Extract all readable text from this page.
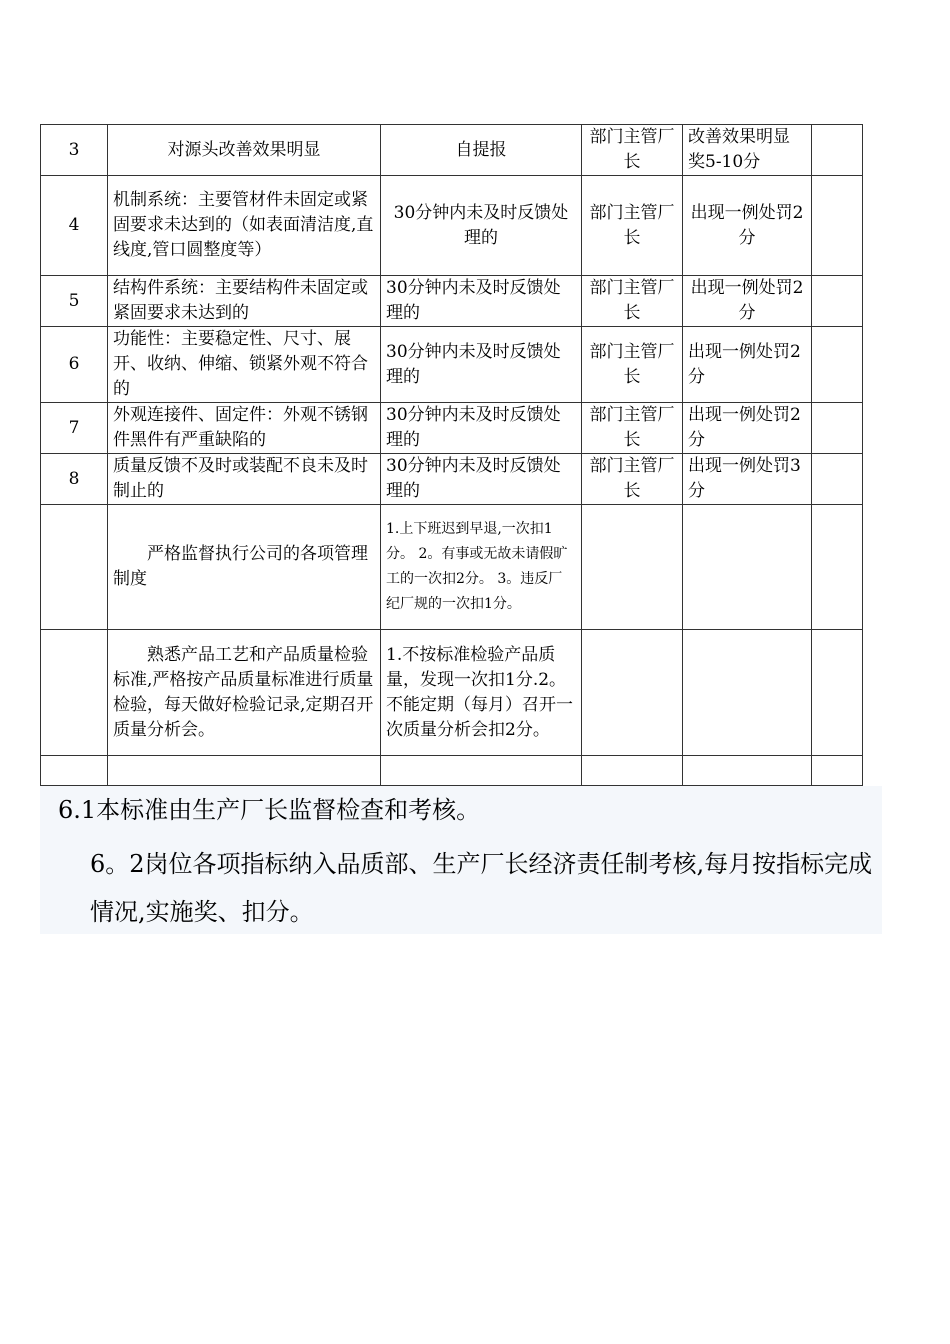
3	对源头改善效果明显	自提报	部门主管厂长	改善效果明显奖5-10分	
4	机制系统：主要管材件未固定或紧固要求未达到的（如表面清洁度,直线度,管口圆整度等）	30分钟内未及时反馈处理的	部门主管厂长	出现一例处罚2分	
5	结构件系统：主要结构件未固定或紧固要求未达到的	30分钟内未及时反馈处理的	部门主管厂长	出现一例处罚2分	
6	功能性：主要稳定性、尺寸、展开、收纳、伸缩、锁紧外观不符合的	30分钟内未及时反馈处理的	部门主管厂长	出现一例处罚2分	
7	外观连接件、固定件：外观不锈钢件黑件有严重缺陷的	30分钟内未及时反馈处理的	部门主管厂长	出现一例处罚2分	
8	质量反馈不及时或装配不良未及时制止的	30分钟内未及时反馈处理的	部门主管厂长	出现一例处罚3分	

	严格监督执行公司的各项管理制度	1.上下班迟到早退,一次扣1分。 2。有事或无故未请假旷工的一次扣2分。 3。违反厂纪厂规的一次扣1分。			

	熟悉产品工艺和产品质量检验标准,严格按产品质量标准进行质量检验，每天做好检验记录,定期召开质量分析会。	1.不按标准检验产品质量，发现一次扣1分.2。不能定期（每月）召开一次质量分析会扣2分。			

6.1本标准由生产厂长监督检查和考核。
6。2岗位各项指标纳入品质部、生产厂长经济责任制考核,每月按指标完成情况,实施奖、扣分。
